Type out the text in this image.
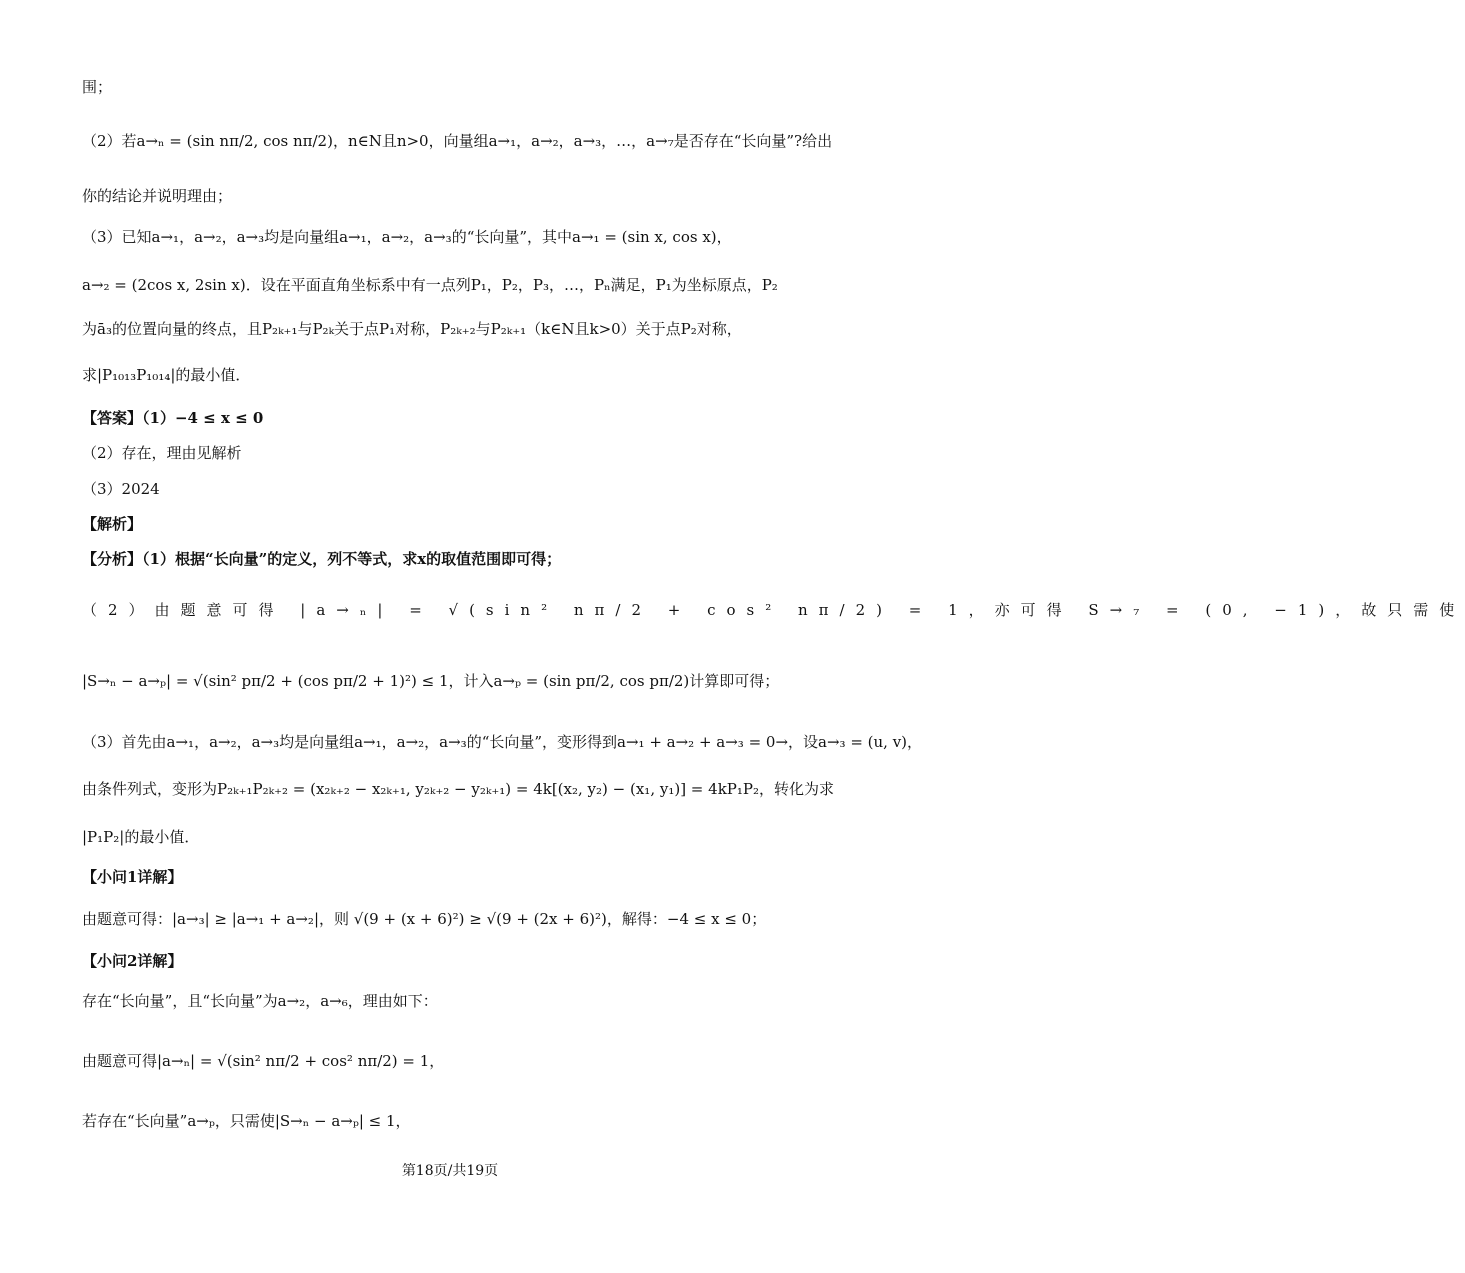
围；
（2）若a→ₙ = (sin nπ/2, cos nπ/2)，n∈N且n>0，向量组a→₁，a→₂，a→₃，…，a→₇是否存在“长向量”?给出
你的结论并说明理由；
（3）已知a→₁，a→₂，a→₃均是向量组a→₁，a→₂，a→₃的“长向量”，其中a→₁ = (sin x, cos x)，
a→₂ = (2cos x, 2sin x)．设在平面直角坐标系中有一点列P₁，P₂，P₃，…，Pₙ满足，P₁为坐标原点，P₂
为ā₃的位置向量的终点，且P₂ₖ₊₁与P₂ₖ关于点P₁对称，P₂ₖ₊₂与P₂ₖ₊₁（k∈N且k>0）关于点P₂对称，
求|P₁₀₁₃P₁₀₁₄|的最小值．
【答案】（1）−4 ≤ x ≤ 0
（2）存在，理由见解析
（3）2024
【解析】
【分析】（1）根据“长向量”的定义，列不等式，求x的取值范围即可得；
（2）由题意可得 |a→ₙ| = √(sin² nπ/2 + cos² nπ/2) = 1，亦可得 S→₇ = (0, −1)，故只需使
|S→ₙ − a→ₚ| = √(sin² pπ/2 + (cos pπ/2 + 1)²) ≤ 1，计入a→ₚ = (sin pπ/2, cos pπ/2)计算即可得；
（3）首先由a→₁，a→₂，a→₃均是向量组a→₁，a→₂，a→₃的“长向量”，变形得到a→₁ + a→₂ + a→₃ = 0→，设a→₃ = (u, v)，
由条件列式，变形为P₂ₖ₊₁P₂ₖ₊₂ = (x₂ₖ₊₂ − x₂ₖ₊₁, y₂ₖ₊₂ − y₂ₖ₊₁) = 4k[(x₂, y₂) − (x₁, y₁)] = 4kP₁P₂，转化为求
|P₁P₂|的最小值．
【小问1详解】
由题意可得：|a→₃| ≥ |a→₁ + a→₂|，则 √(9 + (x + 6)²) ≥ √(9 + (2x + 6)²)，解得：−4 ≤ x ≤ 0；
【小问2详解】
存在“长向量”，且“长向量”为a→₂，a→₆，理由如下：
由题意可得|a→ₙ| = √(sin² nπ/2 + cos² nπ/2) = 1，
若存在“长向量”a→ₚ，只需使|S→ₙ − a→ₚ| ≤ 1，
第18页/共19页
